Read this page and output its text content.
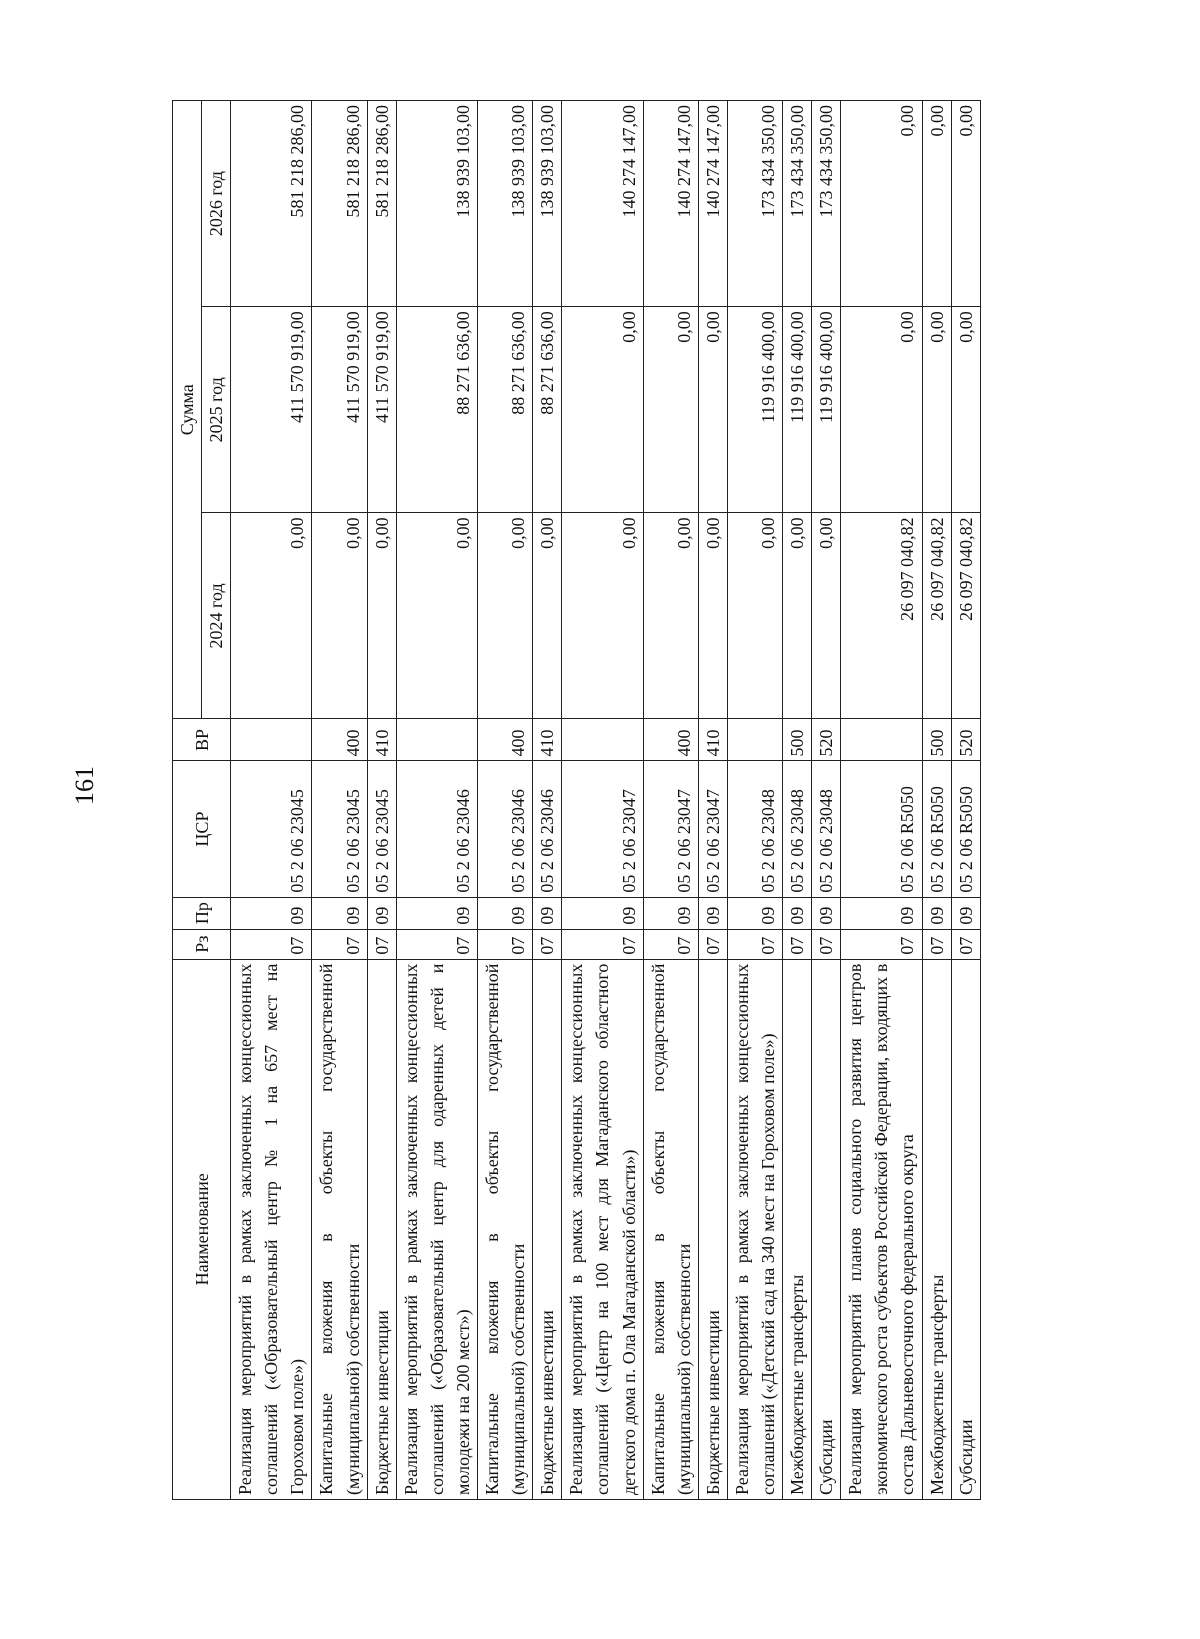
161
Наименование	Рз	Пр	ЦСР	ВР	Сумма		
					2024 год	2025 год	2026 год
Реализация мероприятий в рамках заключенных концессионных соглашений («Образовательный центр № 1 на 657 мест на Гороховом поле»)	07	09	05 2 06 23045		0,00	411 570 919,00	581 218 286,00
Капитальные вложения в объекты государственной (муниципальной) собственности	07	09	05 2 06 23045	400	0,00	411 570 919,00	581 218 286,00
Бюджетные инвестиции	07	09	05 2 06 23045	410	0,00	411 570 919,00	581 218 286,00
Реализация мероприятий в рамках заключенных концессионных соглашений («Образовательный центр для одаренных детей и молодежи на 200 мест»)	07	09	05 2 06 23046		0,00	88 271 636,00	138 939 103,00
Капитальные вложения в объекты государственной (муниципальной) собственности	07	09	05 2 06 23046	400	0,00	88 271 636,00	138 939 103,00
Бюджетные инвестиции	07	09	05 2 06 23046	410	0,00	88 271 636,00	138 939 103,00
Реализация мероприятий в рамках заключенных концессионных соглашений («Центр на 100 мест для Магаданского областного детского дома п. Ола Магаданской области»)	07	09	05 2 06 23047		0,00	0,00	140 274 147,00
Капитальные вложения в объекты государственной (муниципальной) собственности	07	09	05 2 06 23047	400	0,00	0,00	140 274 147,00
Бюджетные инвестиции	07	09	05 2 06 23047	410	0,00	0,00	140 274 147,00
Реализация мероприятий в рамках заключенных концессионных соглашений («Детский сад на 340 мест на Гороховом поле»)	07	09	05 2 06 23048		0,00	119 916 400,00	173 434 350,00
Межбюджетные трансферты	07	09	05 2 06 23048	500	0,00	119 916 400,00	173 434 350,00
Субсидии	07	09	05 2 06 23048	520	0,00	119 916 400,00	173 434 350,00
Реализация мероприятий планов социального развития центров экономического роста субъектов Российской Федерации, входящих в состав Дальневосточного федерального округа	07	09	05 2 06 R5050		26 097 040,82	0,00	0,00
Межбюджетные трансферты	07	09	05 2 06 R5050	500	26 097 040,82	0,00	0,00
Субсидии	07	09	05 2 06 R5050	520	26 097 040,82	0,00	0,00
